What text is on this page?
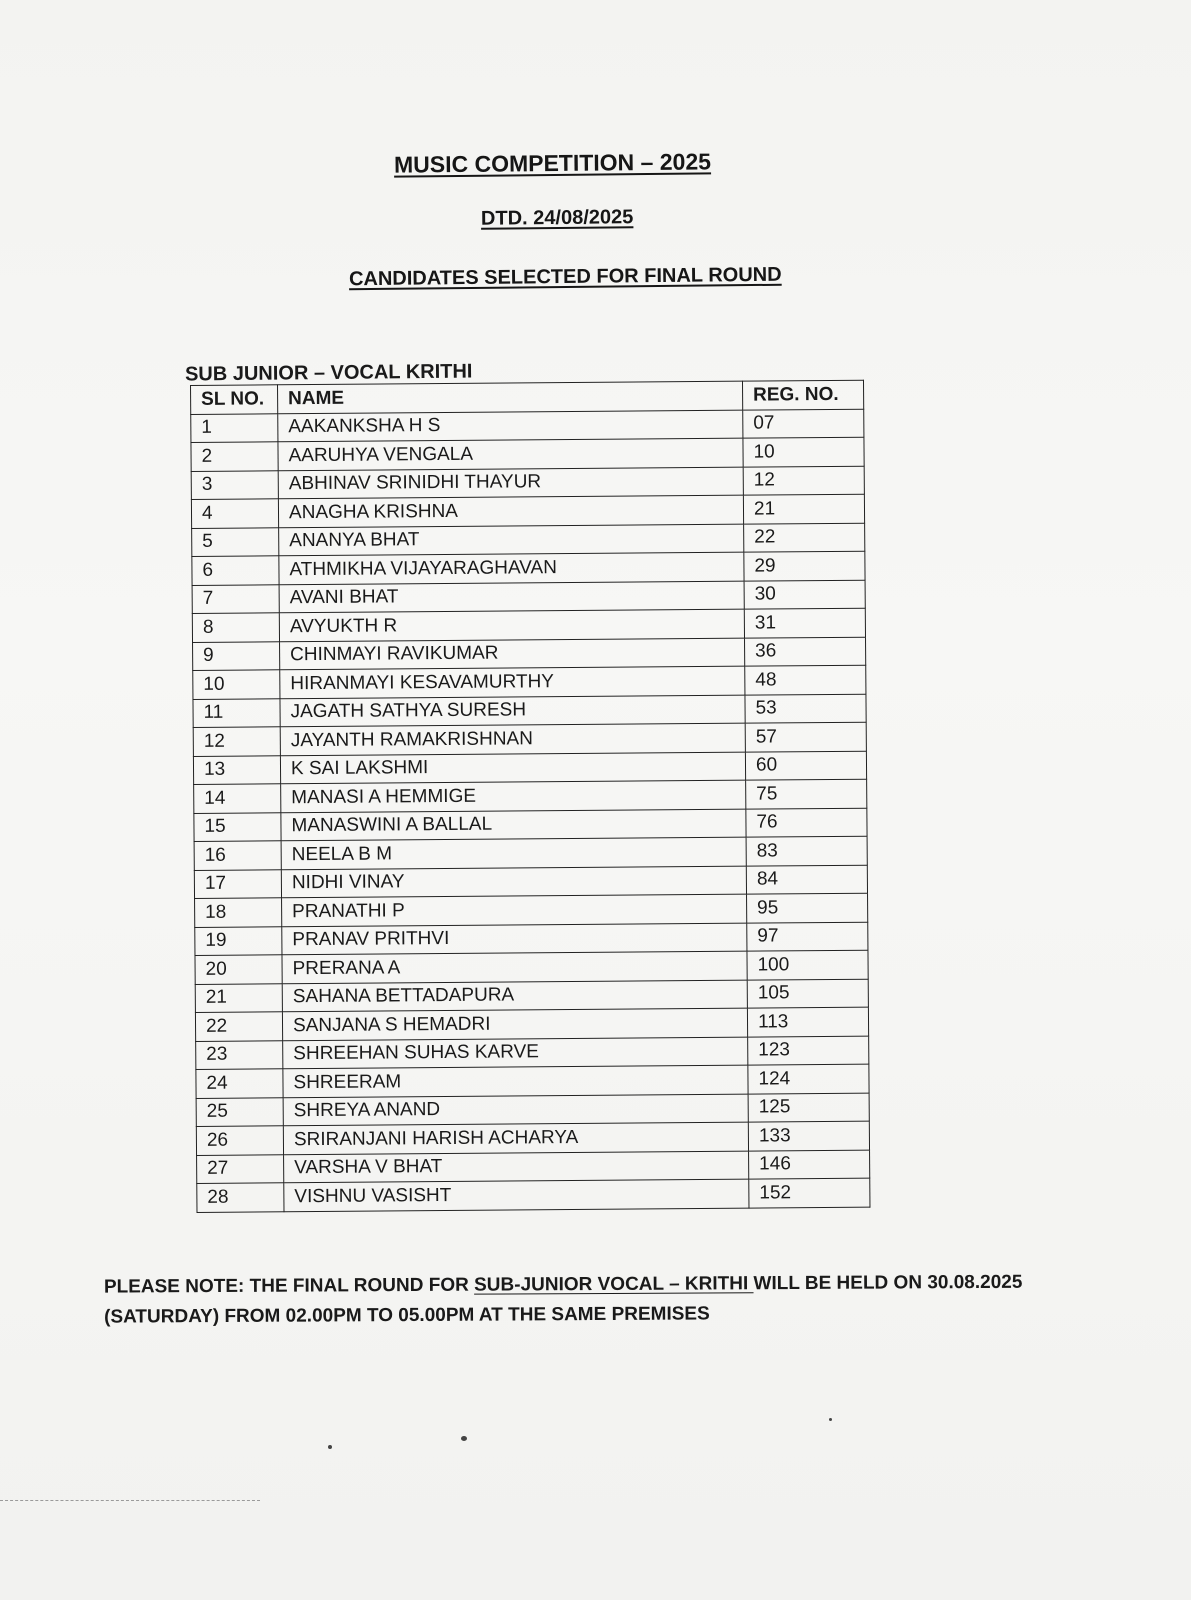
MUSIC COMPETITION – 2025
DTD. 24/08/2025
CANDIDATES SELECTED FOR FINAL ROUND
SUB JUNIOR – VOCAL KRITHI
SL NO.	NAME	REG. NO.
1	AAKANKSHA H S	07
2	AARUHYA VENGALA	10
3	ABHINAV SRINIDHI THAYUR	12
4	ANAGHA KRISHNA	21
5	ANANYA BHAT	22
6	ATHMIKHA VIJAYARAGHAVAN	29
7	AVANI BHAT	30
8	AVYUKTH R	31
9	CHINMAYI RAVIKUMAR	36
10	HIRANMAYI KESAVAMURTHY	48
11	JAGATH SATHYA SURESH	53
12	JAYANTH RAMAKRISHNAN	57
13	K SAI LAKSHMI	60
14	MANASI A HEMMIGE	75
15	MANASWINI A BALLAL	76
16	NEELA B M	83
17	NIDHI VINAY	84
18	PRANATHI P	95
19	PRANAV PRITHVI	97
20	PRERANA A	100
21	SAHANA BETTADAPURA	105
22	SANJANA S HEMADRI	113
23	SHREEHAN SUHAS KARVE	123
24	SHREERAM	124
25	SHREYA ANAND	125
26	SRIRANJANI HARISH ACHARYA	133
27	VARSHA V BHAT	146
28	VISHNU VASISHT	152
PLEASE NOTE: THE FINAL ROUND FOR SUB-JUNIOR VOCAL – KRITHI WILL BE HELD ON 30.08.2025
(SATURDAY) FROM 02.00PM TO 05.00PM AT THE SAME PREMISES
